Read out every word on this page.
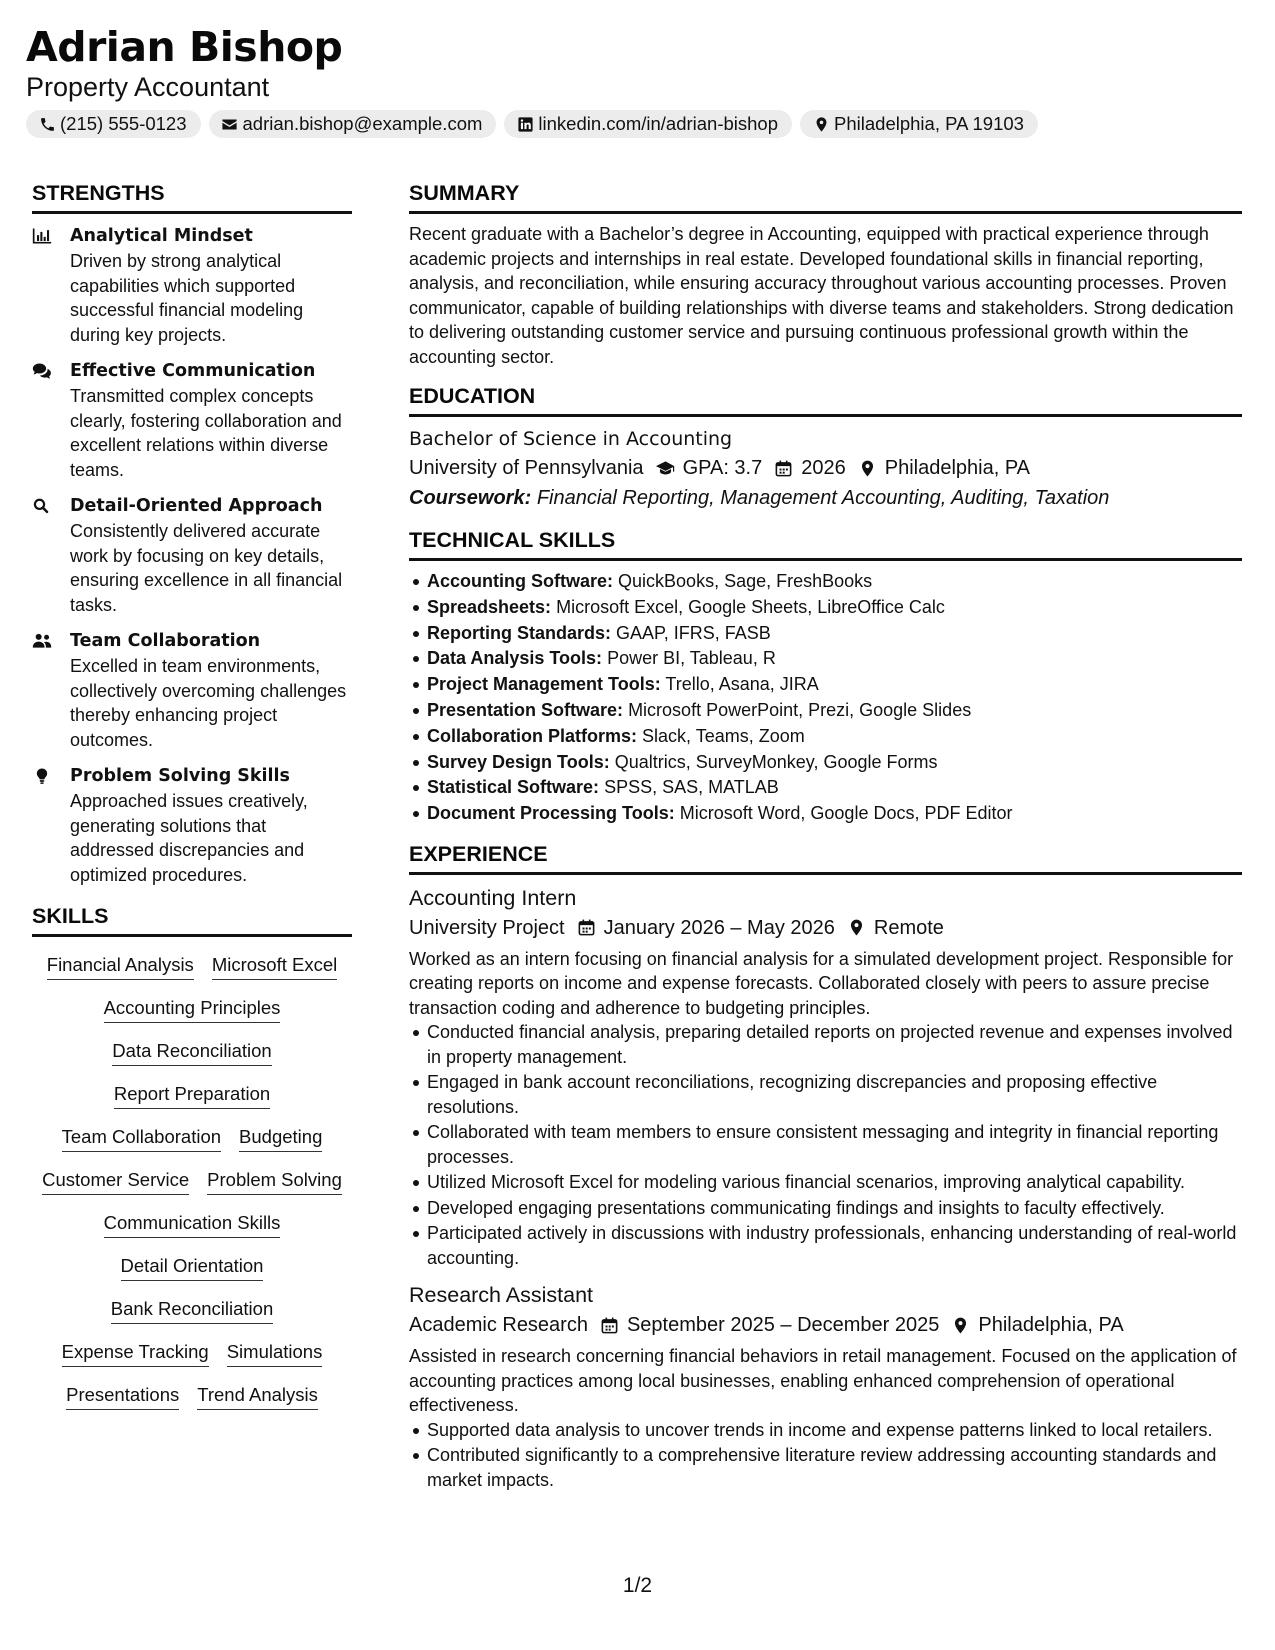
Adrian Bishop
Property Accountant
(215) 555-0123	adrian.bishop@example.com	linkedin.com/in/adrian-bishop	Philadelphia, PA 19103
STRENGTHS
Analytical Mindset
Driven by strong analytical capabilities which supported successful financial modeling during key projects.
Effective Communication
Transmitted complex concepts clearly, fostering collaboration and excellent relations within diverse teams.
Detail-Oriented Approach
Consistently delivered accurate work by focusing on key details, ensuring excellence in all financial tasks.
Team Collaboration
Excelled in team environments, collectively overcoming challenges thereby enhancing project outcomes.
Problem Solving Skills
Approached issues creatively, generating solutions that addressed discrepancies and optimized procedures.
SKILLS
Financial Analysis Microsoft Excel
Accounting Principles
Data Reconciliation
Report Preparation
Team Collaboration Budgeting
Customer Service Problem Solving
Communication Skills
Detail Orientation
Bank Reconciliation
Expense Tracking Simulations
Presentations Trend Analysis
SUMMARY
Recent graduate with a Bachelor’s degree in Accounting, equipped with practical experience through academic projects and internships in real estate. Developed foundational skills in financial reporting, analysis, and reconciliation, while ensuring accuracy throughout various accounting processes. Proven communicator, capable of building relationships with diverse teams and stakeholders. Strong dedication to delivering outstanding customer service and pursuing continuous professional growth within the accounting sector.
EDUCATION
Bachelor of Science in Accounting
University of Pennsylvania GPA: 3.7 2026 Philadelphia, PA
Coursework: Financial Reporting, Management Accounting, Auditing, Taxation
TECHNICAL SKILLS
Accounting Software: QuickBooks, Sage, FreshBooks
Spreadsheets: Microsoft Excel, Google Sheets, LibreOffice Calc
Reporting Standards: GAAP, IFRS, FASB
Data Analysis Tools: Power BI, Tableau, R
Project Management Tools: Trello, Asana, JIRA
Presentation Software: Microsoft PowerPoint, Prezi, Google Slides
Collaboration Platforms: Slack, Teams, Zoom
Survey Design Tools: Qualtrics, SurveyMonkey, Google Forms
Statistical Software: SPSS, SAS, MATLAB
Document Processing Tools: Microsoft Word, Google Docs, PDF Editor
EXPERIENCE
Accounting Intern
University Project January 2026 – May 2026 Remote
Worked as an intern focusing on financial analysis for a simulated development project. Responsible for creating reports on income and expense forecasts. Collaborated closely with peers to assure precise transaction coding and adherence to budgeting principles.
Conducted financial analysis, preparing detailed reports on projected revenue and expenses involved in property management.
Engaged in bank account reconciliations, recognizing discrepancies and proposing effective resolutions.
Collaborated with team members to ensure consistent messaging and integrity in financial reporting processes.
Utilized Microsoft Excel for modeling various financial scenarios, improving analytical capability.
Developed engaging presentations communicating findings and insights to faculty effectively.
Participated actively in discussions with industry professionals, enhancing understanding of real-world accounting.
Research Assistant
Academic Research September 2025 – December 2025 Philadelphia, PA
Assisted in research concerning financial behaviors in retail management. Focused on the application of accounting practices among local businesses, enabling enhanced comprehension of operational effectiveness.
Supported data analysis to uncover trends in income and expense patterns linked to local retailers.
Contributed significantly to a comprehensive literature review addressing accounting standards and market impacts.
1/2
